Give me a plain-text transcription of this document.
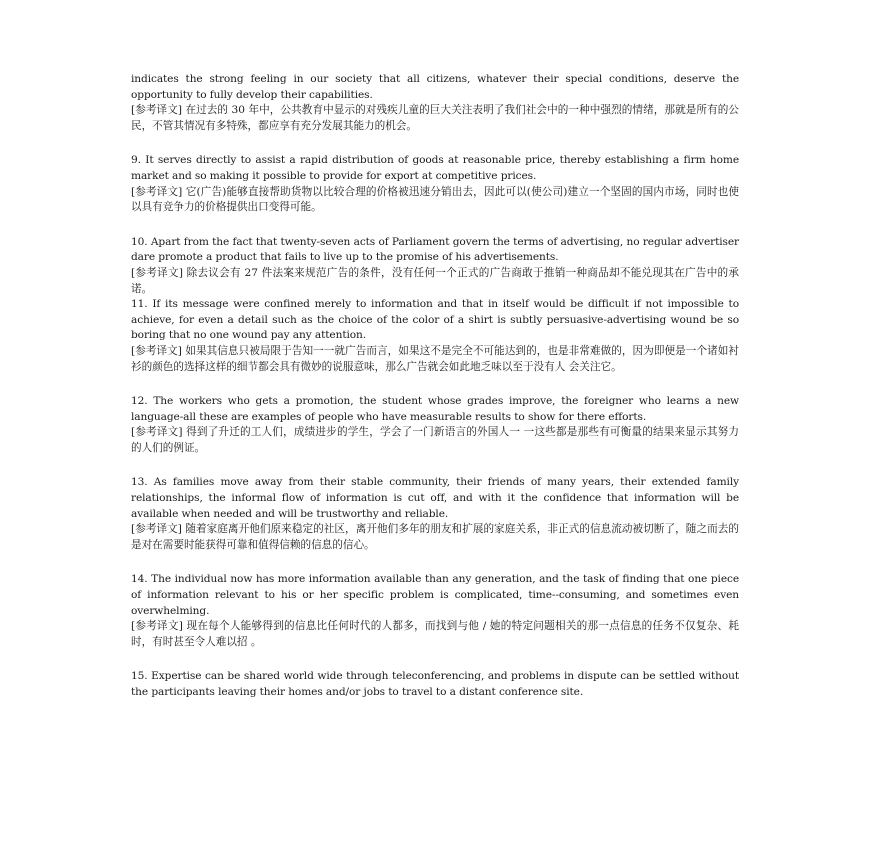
indicates the strong feeling in our society that all citizens, whatever their special conditions, deserve the opportunity to fully develop their capabilities.

[参考译文] 在过去的 30 年中，公共教育中显示的对残疾儿童的巨大关注表明了我们社会中的一种中强烈的情绪，那就是所有的公民，不管其情况有多特殊，都应享有充分发展其能力的机会。

9. It serves directly to assist a rapid distribution of goods at reasonable price, thereby establishing a firm home market and so making it possible to provide for export at competitive prices.

[参考译文] 它(广告)能够直接帮助货物以比较合理的价格被迅速分销出去，因此可以(使公司)建立一个坚固的国内市场，同时也使以具有竞争力的价格提供出口变得可能。

10. Apart from the fact that twenty-seven acts of Parliament govern the terms of advertising, no regular advertiser dare promote a product that fails to live up to the promise of his advertisements.

[参考译文] 除去议会有 27 件法案来规范广告的条件，没有任何一个正式的广告商敢于推销一种商品却不能兑现其在广告中的承诺。

11. If its message were confined merely to information and that in itself would be difficult if not impossible to achieve, for even a detail such as the choice of the color of a shirt is subtly persuasive-advertising wound be so boring that no one wound pay any attention.

[参考译文] 如果其信息只被局限于告知一一就广告而言，如果这不是完全不可能达到的，也是非常难做的，因为即便是一个诸如衬衫的颜色的选择这样的细节都会具有微妙的说服意味，那么广告就会如此地乏味以至于没有人 会关注它。

12. The workers who gets a promotion, the student whose grades improve, the foreigner who learns a new language-all these are examples of people who have measurable results to show for there efforts.

[参考译文] 得到了升迁的工人们，成绩进步的学生，学会了一门新语言的外国人一 一这些都是那些有可衡量的结果来显示其努力的人们的例证。

13. As families move away from their stable community, their friends of many years, their extended family relationships, the informal flow of information is cut off, and with it the confidence that information will be available when needed and will be trustworthy and reliable.

[参考译文] 随着家庭离开他们原来稳定的社区，离开他们多年的朋友和扩展的家庭关系，非正式的信息流动被切断了，随之而去的是对在需要时能获得可靠和值得信赖的信息的信心。

14. The individual now has more information available than any generation, and the task of finding that one piece of information relevant to his or her specific problem is complicated, time--consuming, and sometimes even overwhelming.

[参考译文] 现在每个人能够得到的信息比任何时代的人都多，而找到与他 / 她的特定问题相关的那一点信息的任务不仅复杂、耗时，有时甚至令人难以招 。

15. Expertise can be shared world wide through teleconferencing, and problems in dispute can be settled without the participants leaving their homes and/or jobs to travel to a distant conference site.
